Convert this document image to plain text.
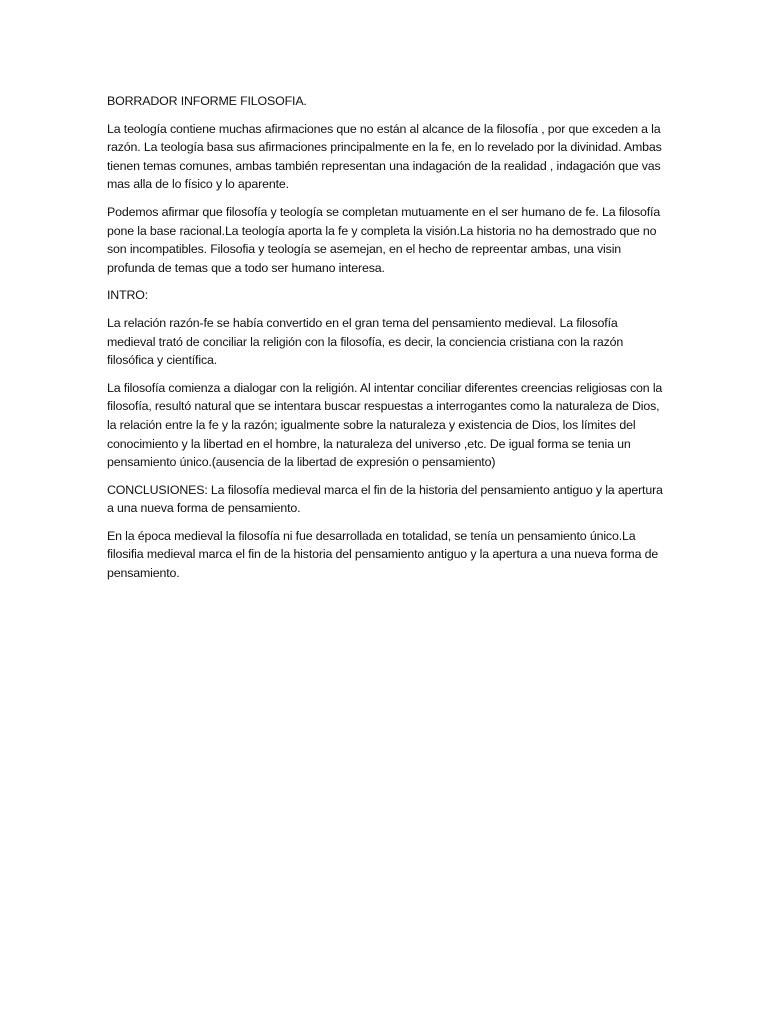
BORRADOR INFORME FILOSOFIA.

La teología contiene muchas afirmaciones que no están al alcance de la filosofía , por que exceden a la razón. La teología basa sus afirmaciones principalmente en la fe, en lo revelado por la divinidad. Ambas tienen temas comunes, ambas también representan una indagación de la realidad , indagación que vas mas alla de lo físico y lo aparente.

Podemos afirmar que filosofía y teología se completan mutuamente en el ser humano de fe. La filosofía pone la base racional.La teología aporta la fe y completa la visión.La historia no ha demostrado que no son incompatibles. Filosofia y teología se asemejan, en el hecho de repreentar ambas, una visin profunda de temas que a todo ser humano interesa.

INTRO:

La relación razón-fe se había convertido en el gran tema del pensamiento medieval. La filosofía medieval trató de conciliar la religión con la filosofía, es decir, la conciencia cristiana con la razón filosófica y científica.

La filosofía comienza a dialogar con la religión. Al intentar conciliar diferentes creencias religiosas con la filosofía, resultó natural que se intentara buscar respuestas a interrogantes como la naturaleza de Dios, la relación entre la fe y la razón; igualmente sobre la naturaleza y existencia de Dios, los límites del conocimiento y la libertad en el hombre, la naturaleza del universo ,etc. De igual forma se tenia un pensamiento único.(ausencia de la libertad de expresión o pensamiento)

CONCLUSIONES: La filosofía medieval marca el fin de la historia del pensamiento antiguo y la apertura a una nueva forma de pensamiento.

En la época medieval la filosofía ni fue desarrollada en totalidad, se tenía un pensamiento único.La filosifia medieval marca el fin de la historia del pensamiento antiguo y la apertura a una nueva forma de pensamiento.
